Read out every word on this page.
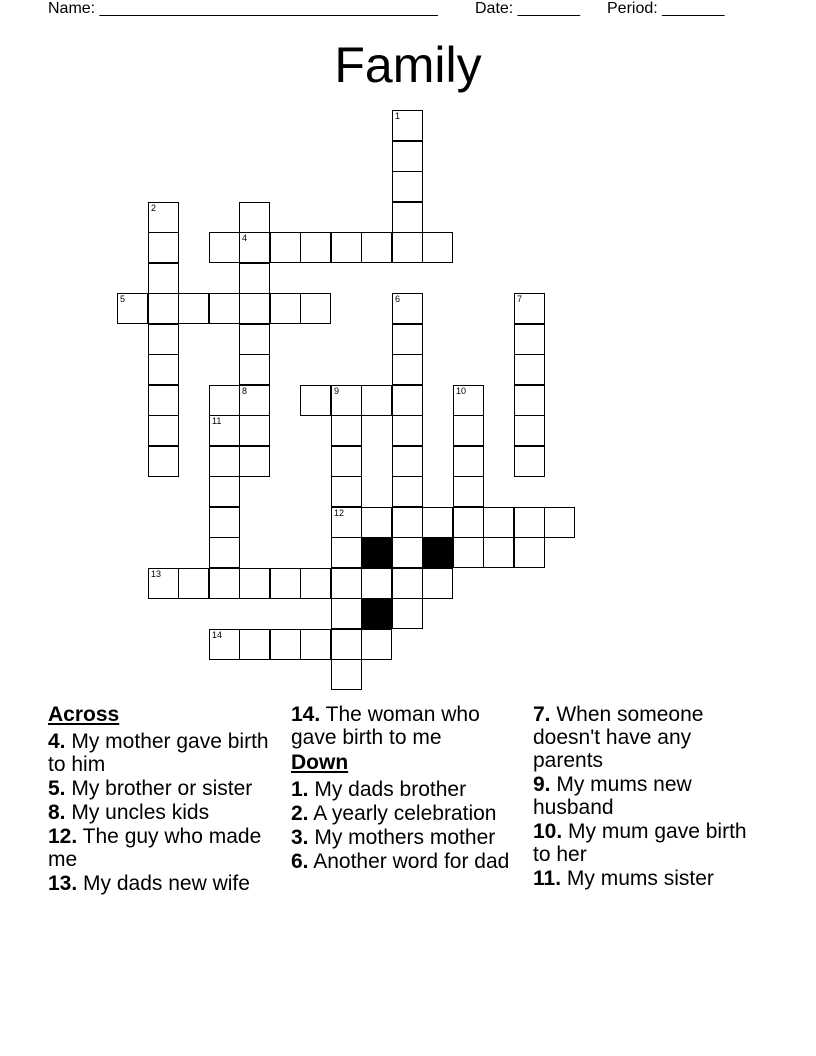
Name: ______________________________________ Date: _______ Period: _______
Family
1
2
4
8
5	6	7
9
12
10
11
13
14
Across
4. My mother gave birth to him
5. My brother or sister
8. My uncles kids
12. The guy who made me
13. My dads new wife
14. The woman who gave birth to me
Down
1. My dads brother
2. A yearly celebration
3. My mothers mother
6. Another word for dad
7. When someone doesn't have any parents
9. My mums new husband
10. My mum gave birth to her
11. My mums sister
